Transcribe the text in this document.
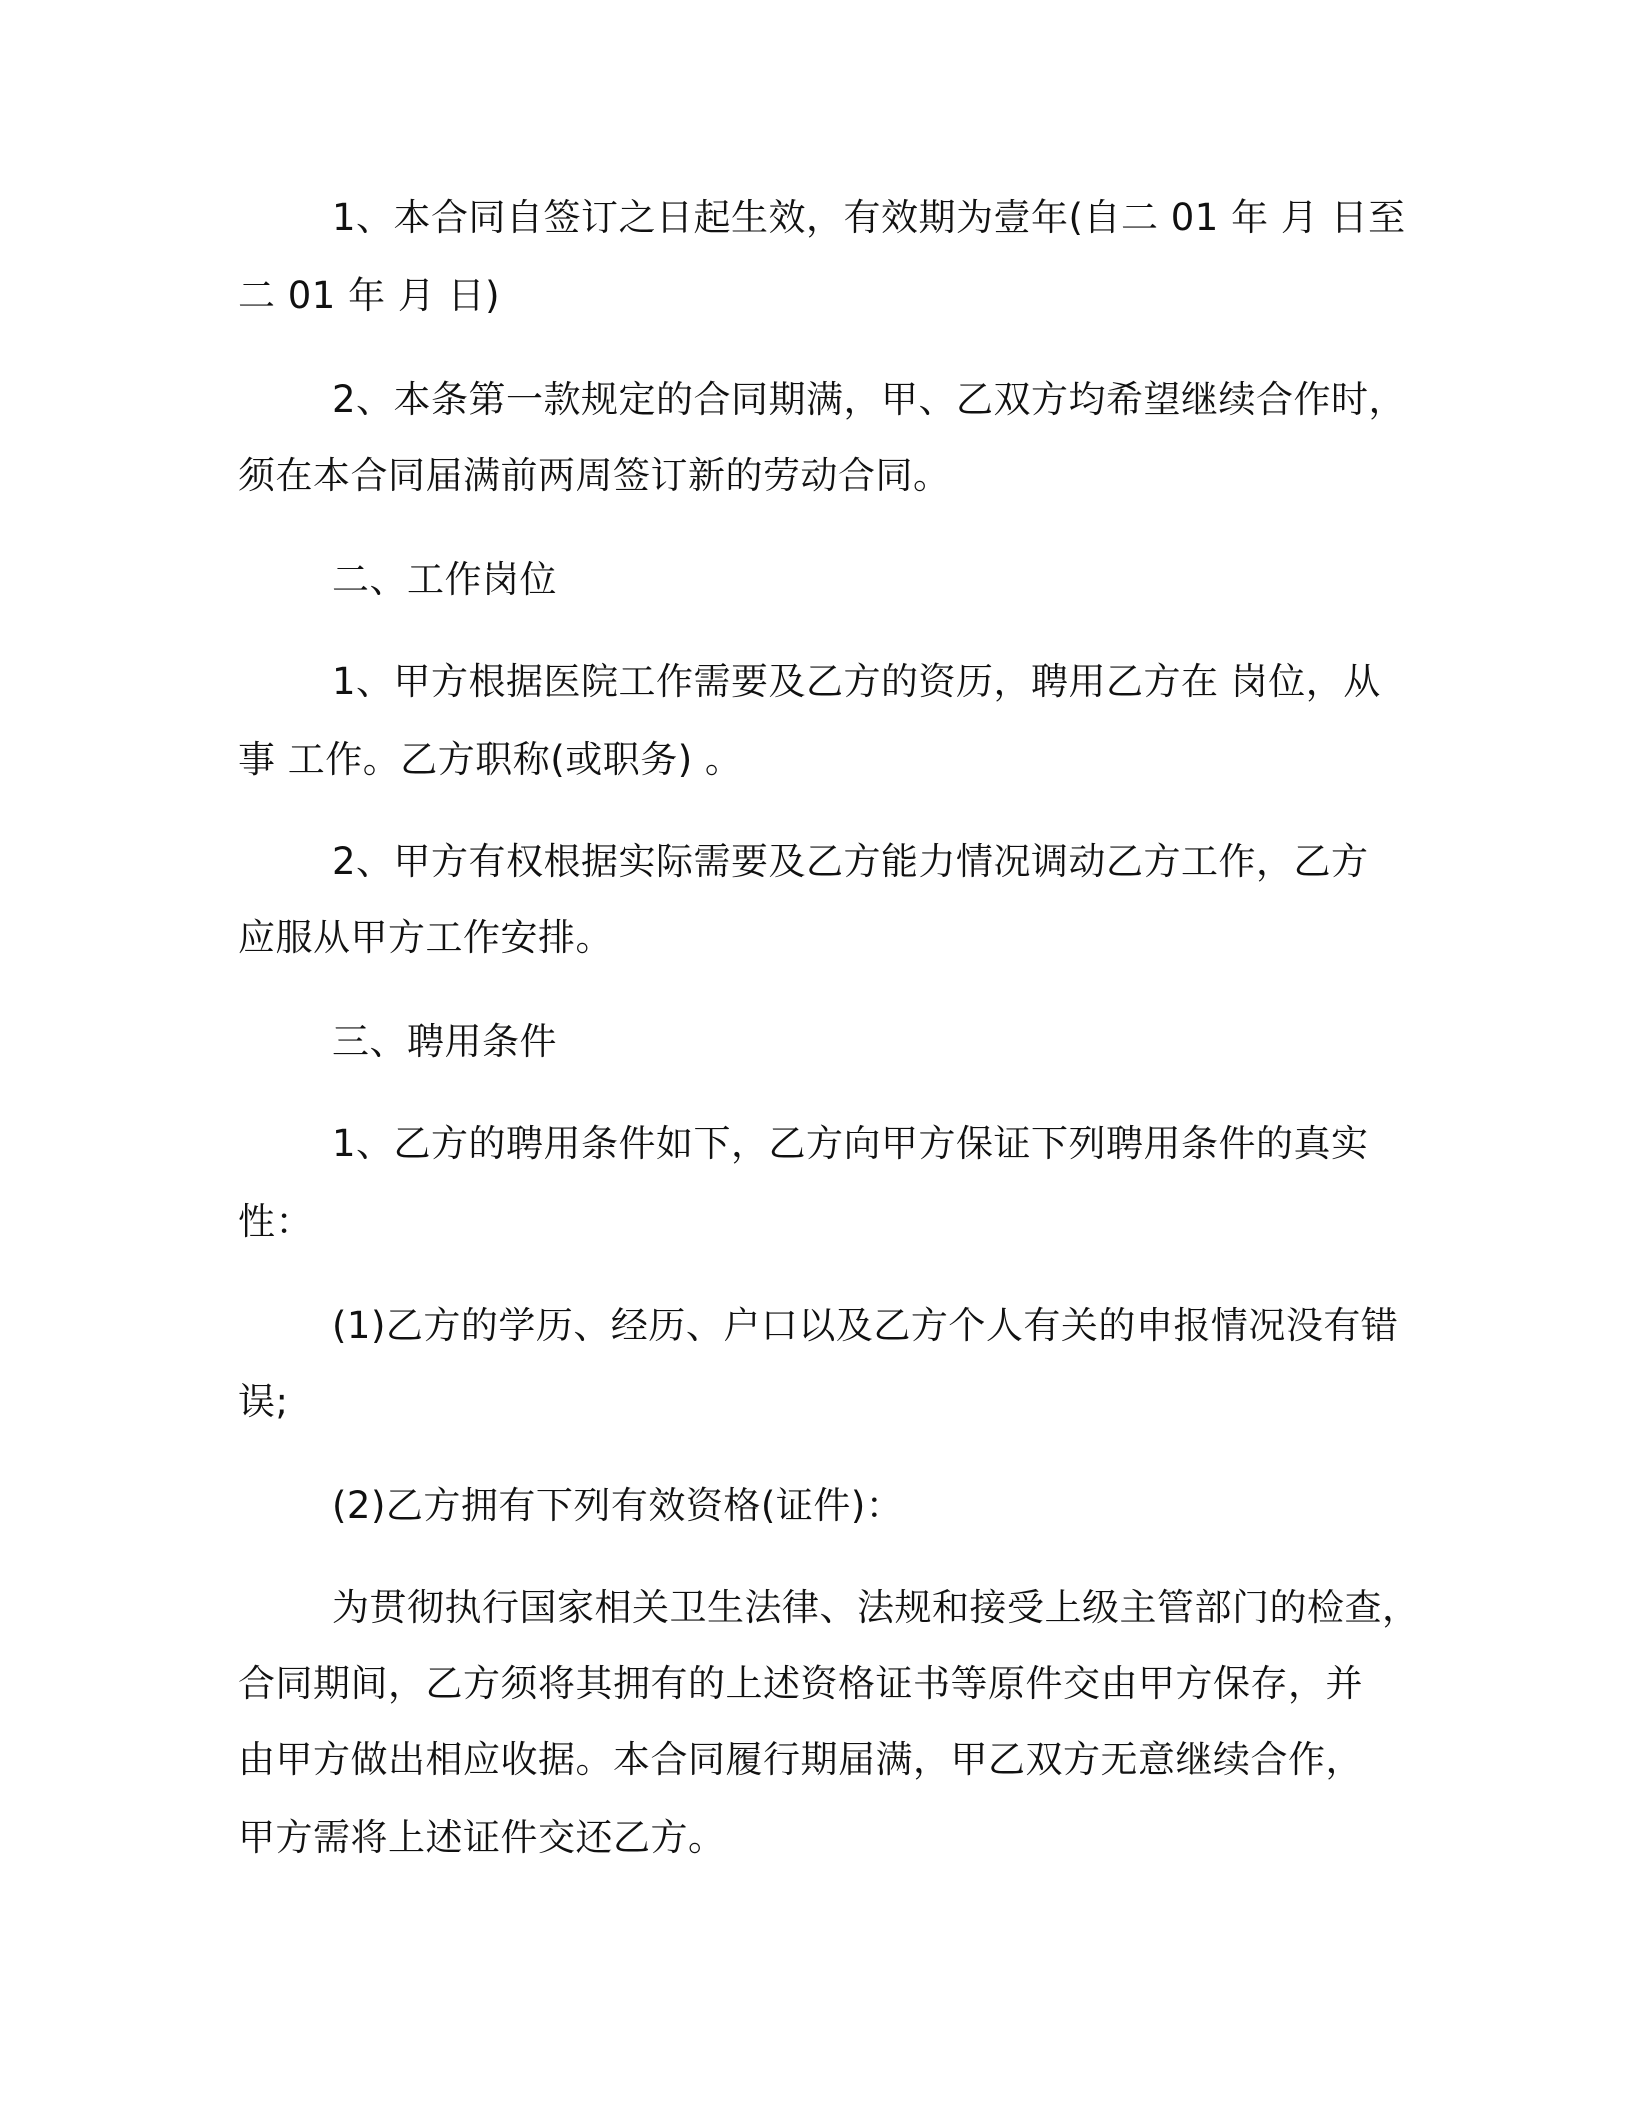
1、本合同自签订之日起生效，有效期为壹年(自二 01 年 月 日至

二 01 年 月 日)

2、本条第一款规定的合同期满，甲、乙双方均希望继续合作时，

须在本合同届满前两周签订新的劳动合同。

二、工作岗位

1、甲方根据医院工作需要及乙方的资历，聘用乙方在 岗位，从

事 工作。乙方职称(或职务) 。

2、甲方有权根据实际需要及乙方能力情况调动乙方工作，乙方

应服从甲方工作安排。

三、聘用条件

1、乙方的聘用条件如下，乙方向甲方保证下列聘用条件的真实

性：

(1)乙方的学历、经历、户口以及乙方个人有关的申报情况没有错

误;

(2)乙方拥有下列有效资格(证件)：

为贯彻执行国家相关卫生法律、法规和接受上级主管部门的检查，

合同期间，乙方须将其拥有的上述资格证书等原件交由甲方保存，并

由甲方做出相应收据。本合同履行期届满，甲乙双方无意继续合作，

甲方需将上述证件交还乙方。
